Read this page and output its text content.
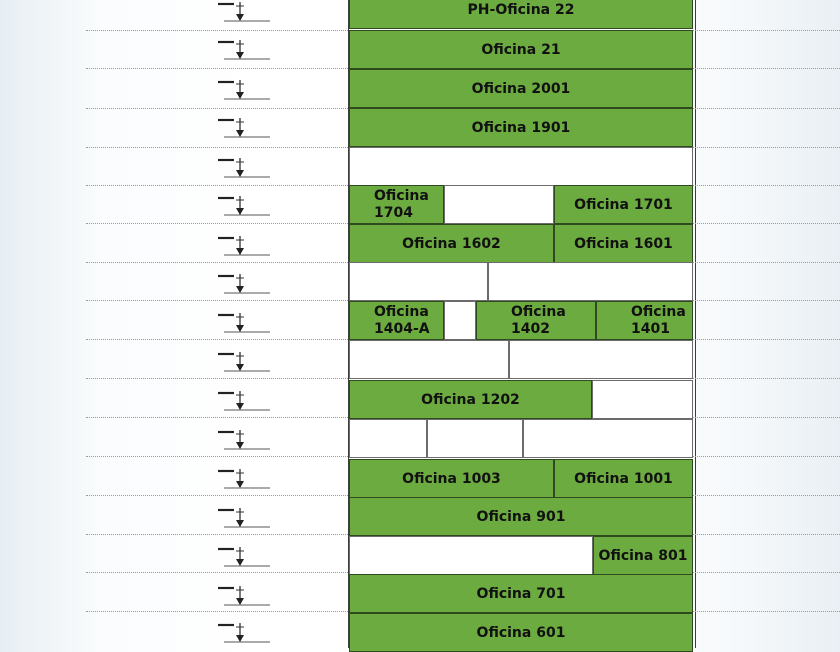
PH-Oficina 22
Oficina 21
Oficina 2001
Oficina 1901
Oficina 1704
Oficina 1701
Oficina 1602	Oficina 1601
Oficina 1404-A
Oficina 1402
Oficina 1401
Oficina 1202
Oficina 1003	Oficina 1001
Oficina 901
Oficina 801
Oficina 701
Oficina 601
